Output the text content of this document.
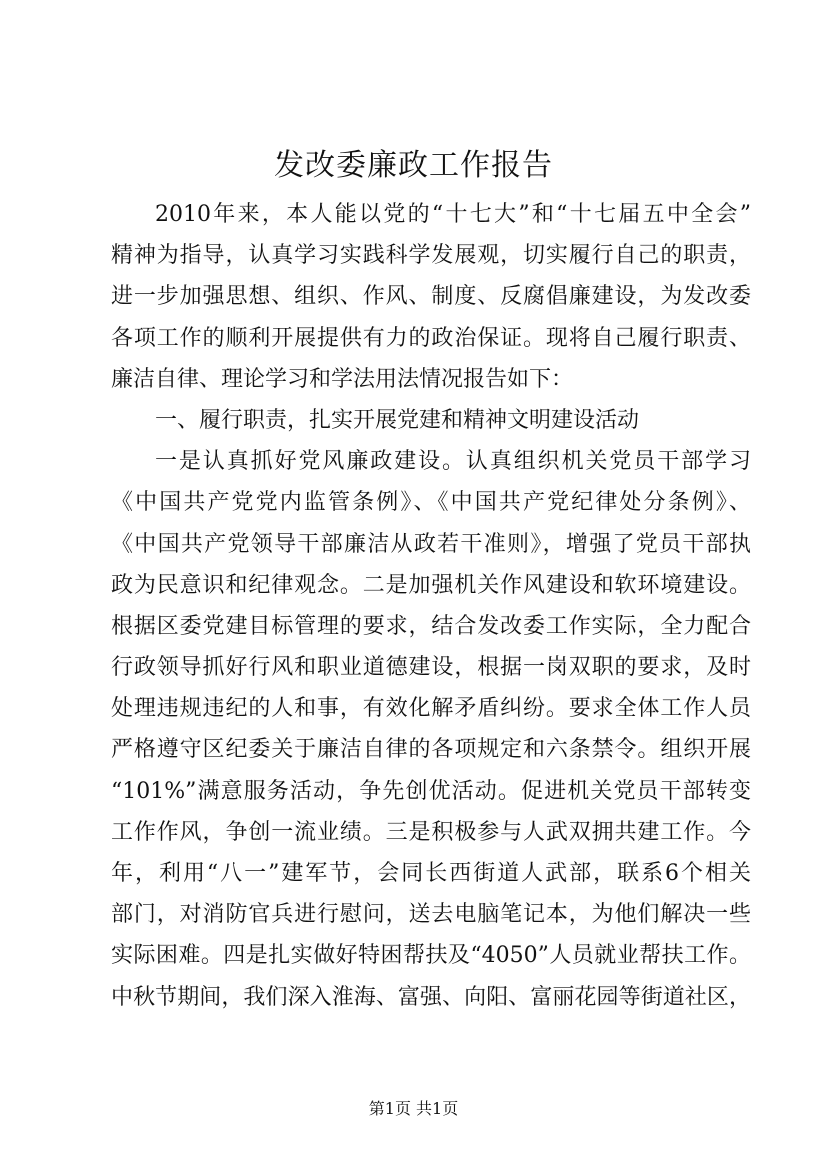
发改委廉政工作报告
2010年来，本人能以党的“十七大”和“十七届五中全会”
精神为指导，认真学习实践科学发展观，切实履行自己的职责，
进一步加强思想、组织、作风、制度、反腐倡廉建设，为发改委
各项工作的顺利开展提供有力的政治保证。现将自己履行职责、
廉洁自律、理论学习和学法用法情况报告如下：
一、履行职责，扎实开展党建和精神文明建设活动
一是认真抓好党风廉政建设。认真组织机关党员干部学习
《中国共产党党内监管条例》、《中国共产党纪律处分条例》、
《中国共产党领导干部廉洁从政若干准则》，增强了党员干部执
政为民意识和纪律观念。二是加强机关作风建设和软环境建设。
根据区委党建目标管理的要求，结合发改委工作实际，全力配合
行政领导抓好行风和职业道德建设，根据一岗双职的要求，及时
处理违规违纪的人和事，有效化解矛盾纠纷。要求全体工作人员
严格遵守区纪委关于廉洁自律的各项规定和六条禁令。组织开展
“101%”满意服务活动，争先创优活动。促进机关党员干部转变
工作作风，争创一流业绩。三是积极参与人武双拥共建工作。今
年，利用“八一”建军节，会同长西街道人武部，联系6个相关
部门，对消防官兵进行慰问，送去电脑笔记本，为他们解决一些
实际困难。四是扎实做好特困帮扶及“4050”人员就业帮扶工作。
中秋节期间，我们深入淮海、富强、向阳、富丽花园等街道社区，
第1页 共1页
